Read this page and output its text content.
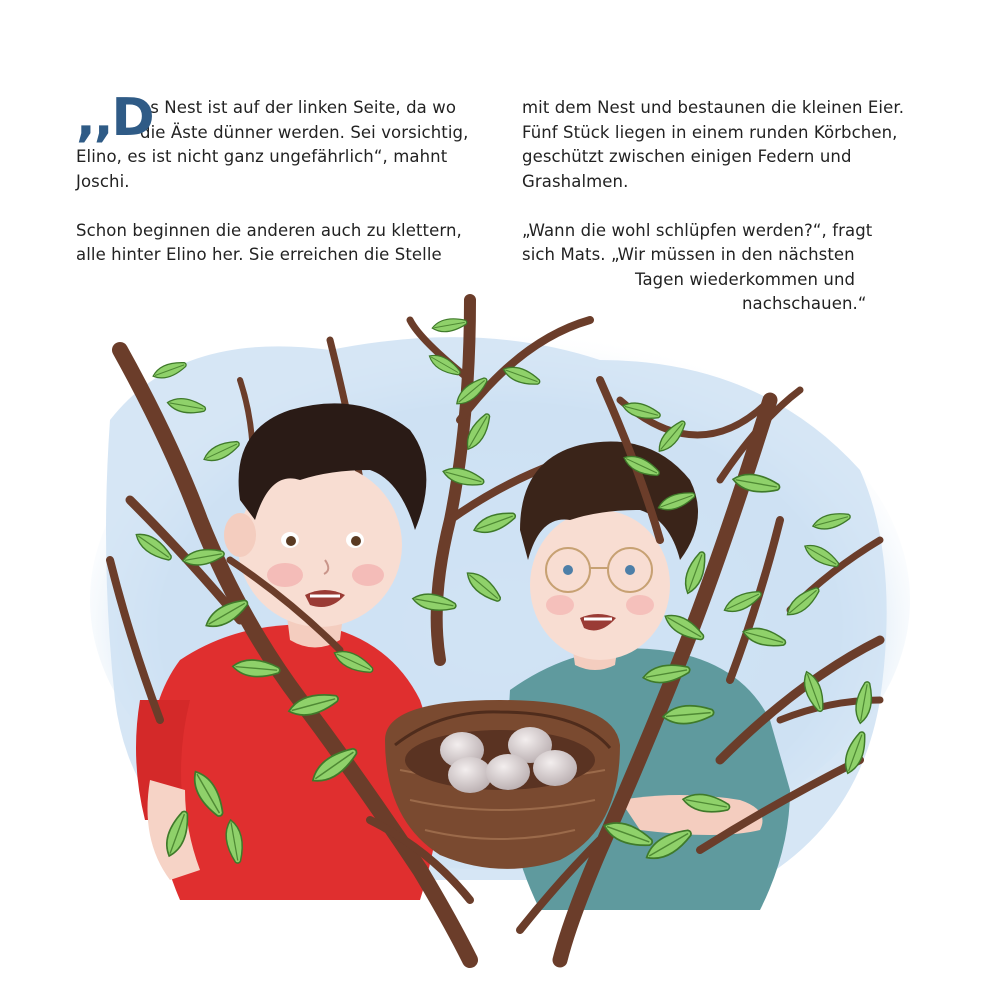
,,D
as Nest ist auf der linken Seite, da wo
die Äste dünner werden. Sei vorsichtig,
Elino, es ist nicht ganz ungefährlich“, mahnt
Joschi.
Schon beginnen die anderen auch zu klettern,
alle hinter Elino her. Sie erreichen die Stelle
mit dem Nest und bestaunen die kleinen Eier.
Fünf Stück liegen in einem runden Körbchen,
geschützt zwischen einigen Federn und
Grashalmen.
„Wann die wohl schlüpfen werden?“, fragt
sich Mats. „Wir müssen in den nächsten
Tagen wiederkommen und
nachschauen.“
